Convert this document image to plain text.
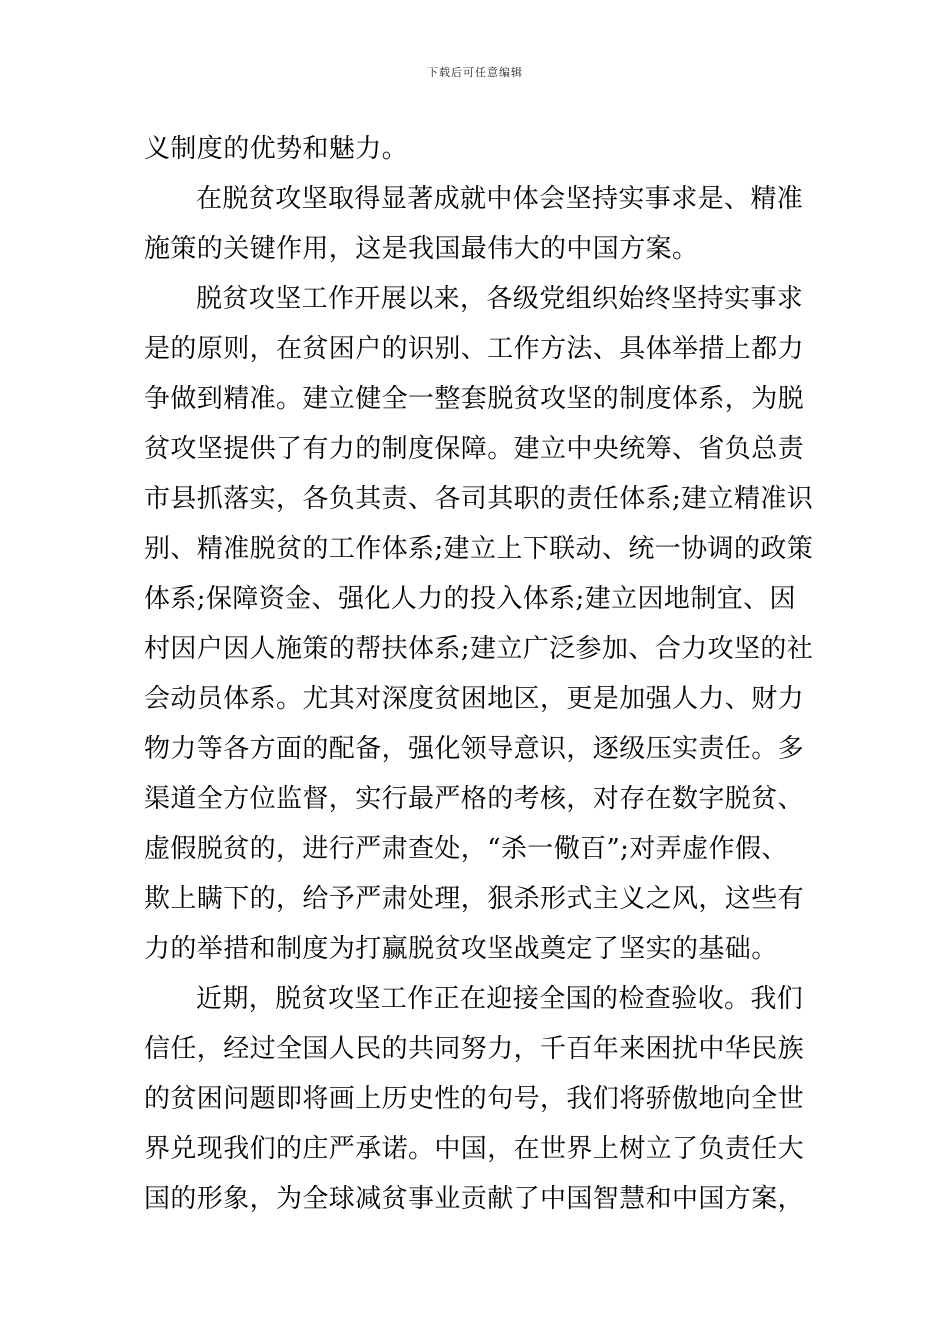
下载后可任意编辑
义制度的优势和魅力。
在脱贫攻坚取得显著成就中体会坚持实事求是、精准
施策的关键作用，这是我国最伟大的中国方案。
脱贫攻坚工作开展以来，各级党组织始终坚持实事求
是的原则，在贫困户的识别、工作方法、具体举措上都力
争做到精准。建立健全一整套脱贫攻坚的制度体系，为脱
贫攻坚提供了有力的制度保障。建立中央统筹、省负总责
市县抓落实，各负其责、各司其职的责任体系;建立精准识
别、精准脱贫的工作体系;建立上下联动、统一协调的政策
体系;保障资金、强化人力的投入体系;建立因地制宜、因
村因户因人施策的帮扶体系;建立广泛参加、合力攻坚的社
会动员体系。尤其对深度贫困地区，更是加强人力、财力
物力等各方面的配备，强化领导意识，逐级压实责任。多
渠道全方位监督，实行最严格的考核，对存在数字脱贫、
虚假脱贫的，进行严肃查处，“杀一儆百”;对弄虚作假、
欺上瞒下的，给予严肃处理，狠杀形式主义之风，这些有
力的举措和制度为打赢脱贫攻坚战奠定了坚实的基础。
近期，脱贫攻坚工作正在迎接全国的检查验收。我们
信任，经过全国人民的共同努力，千百年来困扰中华民族
的贫困问题即将画上历史性的句号，我们将骄傲地向全世
界兑现我们的庄严承诺。中国，在世界上树立了负责任大
国的形象，为全球减贫事业贡献了中国智慧和中国方案，
